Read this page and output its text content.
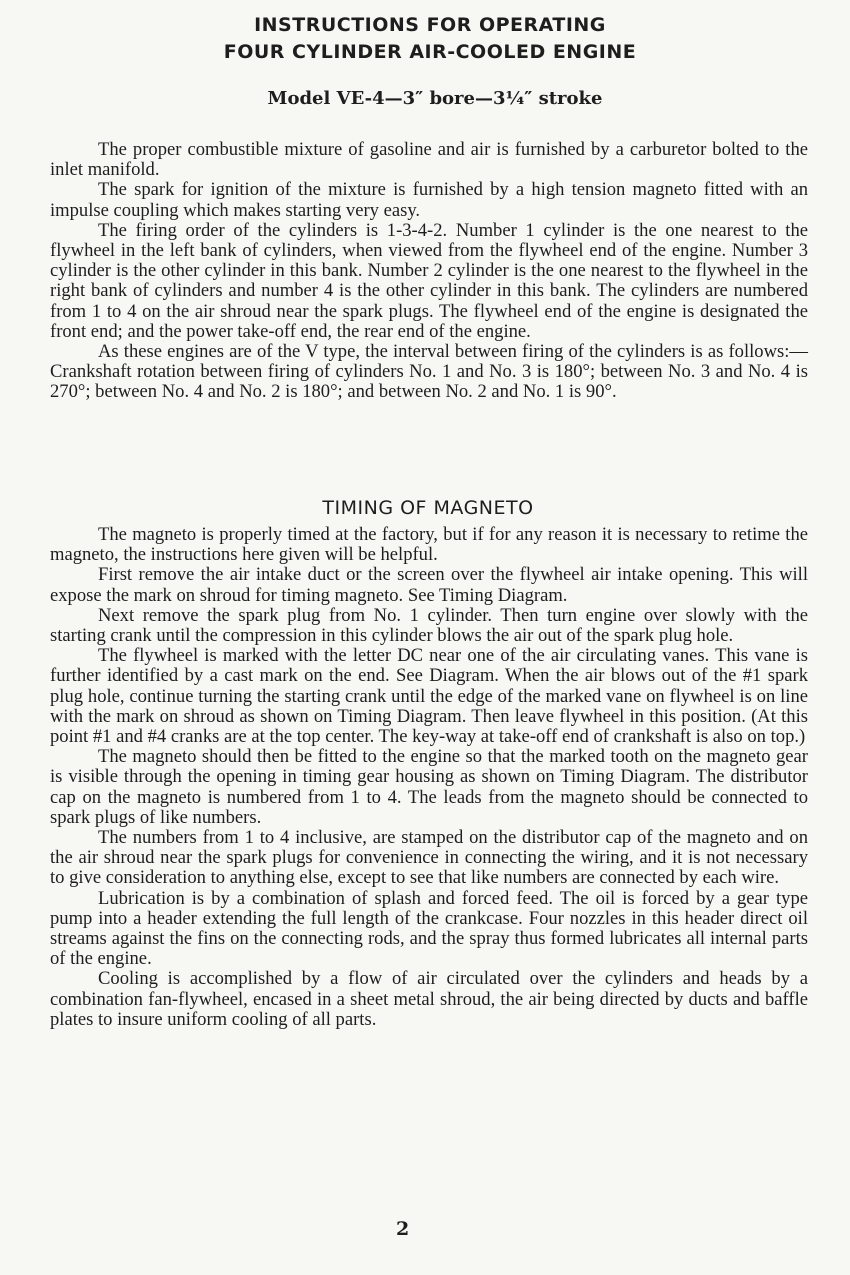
INSTRUCTIONS FOR OPERATING
FOUR CYLINDER AIR-COOLED ENGINE
Model VE-4—3″ bore—3¼″ stroke

The proper combustible mixture of gasoline and air is furnished by a carburetor bolted to the inlet manifold.

The spark for ignition of the mixture is furnished by a high tension magneto fitted with an impulse coupling which makes starting very easy.

The firing order of the cylinders is 1-3-4-2. Number 1 cylinder is the one nearest to the flywheel in the left bank of cylinders, when viewed from the flywheel end of the engine. Number 3 cylinder is the other cylinder in this bank. Number 2 cylinder is the one nearest to the flywheel in the right bank of cylinders and number 4 is the other cylinder in this bank. The cylinders are numbered from 1 to 4 on the air shroud near the spark plugs. The flywheel end of the engine is designated the front end; and the power take-off end, the rear end of the engine.

As these engines are of the V type, the interval between firing of the cylinders is as follows:—Crankshaft rotation between firing of cylinders No. 1 and No. 3 is 180°; between No. 3 and No. 4 is 270°; between No. 4 and No. 2 is 180°; and between No. 2 and No. 1 is 90°.

TIMING OF MAGNETO

The magneto is properly timed at the factory, but if for any reason it is necessary to retime the magneto, the instructions here given will be helpful.

First remove the air intake duct or the screen over the flywheel air intake opening. This will expose the mark on shroud for timing magneto. See Timing Diagram.

Next remove the spark plug from No. 1 cylinder. Then turn engine over slowly with the starting crank until the compression in this cylinder blows the air out of the spark plug hole.

The flywheel is marked with the letter DC near one of the air circulating vanes. This vane is further identified by a cast mark on the end. See Diagram. When the air blows out of the #1 spark plug hole, continue turning the starting crank until the edge of the marked vane on flywheel is on line with the mark on shroud as shown on Timing Diagram. Then leave flywheel in this position. (At this point #1 and #4 cranks are at the top center. The key-way at take-off end of crankshaft is also on top.)

The magneto should then be fitted to the engine so that the marked tooth on the magneto gear is visible through the opening in timing gear housing as shown on Timing Diagram. The distributor cap on the magneto is numbered from 1 to 4. The leads from the magneto should be connected to spark plugs of like numbers.

The numbers from 1 to 4 inclusive, are stamped on the distributor cap of the magneto and on the air shroud near the spark plugs for convenience in connecting the wiring, and it is not necessary to give consideration to anything else, except to see that like numbers are connected by each wire.

Lubrication is by a combination of splash and forced feed. The oil is forced by a gear type pump into a header extending the full length of the crankcase. Four nozzles in this header direct oil streams against the fins on the connecting rods, and the spray thus formed lubricates all internal parts of the engine.

Cooling is accomplished by a flow of air circulated over the cylinders and heads by a combination fan-flywheel, encased in a sheet metal shroud, the air being directed by ducts and baffle plates to insure uniform cooling of all parts.

2
